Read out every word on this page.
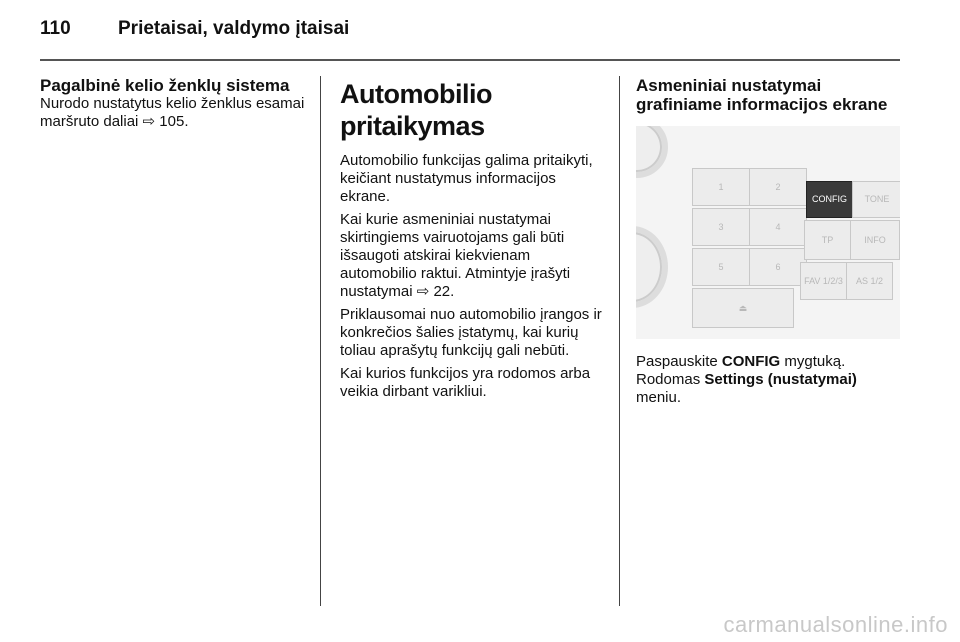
110 Prietaisai, valdymo įtaisai
Pagalbinė kelio ženklų sistema

Nurodo nustatytus kelio ženklus esamai maršruto daliai ⇨ 105.

Automobilio pritaikymas

Automobilio funkcijas galima pritaikyti, keičiant nustatymus informacijos ekrane.

Kai kurie asmeniniai nustatymai skirtingiems vairuotojams gali būti išsaugoti atskirai kiekvienam automobilio raktui. Atmintyje įrašyti nustatymai ⇨ 22.

Priklausomai nuo automobilio įrangos ir konkrečios šalies įstatymų, kai kurių toliau aprašytų funkcijų gali nebūti.

Kai kurios funkcijos yra rodomos arba veikia dirbant varikliui.

Asmeniniai nustatymai grafiniame informacijos ekrane
1	2
3	4
5	6
⏏
CONFIG	TONE
TP	INFO
FAV 1/2/3	AS 1/2

Paspauskite CONFIG mygtuką.
Rodomas Settings (nustatymai)
meniu.

carmanualsonline.info
